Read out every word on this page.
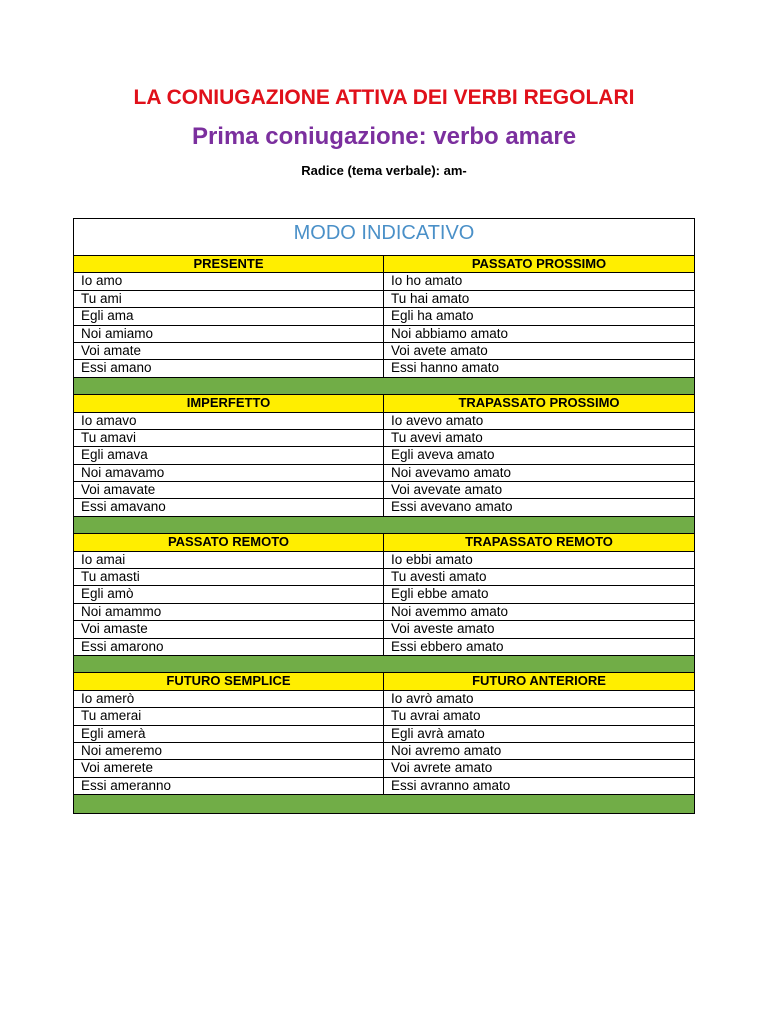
LA CONIUGAZIONE ATTIVA DEI VERBI REGOLARI
Prima coniugazione: verbo amare
Radice (tema verbale): am-
MODO INDICATIVO
PRESENTE	PASSATO PROSSIMO
Io amo	Io ho amato
Tu ami	Tu hai amato
Egli ama	Egli ha amato
Noi amiamo	Noi abbiamo amato
Voi amate	Voi avete amato
Essi amano	Essi hanno amato
IMPERFETTO	TRAPASSATO PROSSIMO
Io amavo	Io avevo amato
Tu amavi	Tu avevi amato
Egli amava	Egli aveva amato
Noi amavamo	Noi avevamo amato
Voi amavate	Voi avevate amato
Essi amavano	Essi avevano amato
PASSATO REMOTO	TRAPASSATO REMOTO
Io amai	Io ebbi amato
Tu amasti	Tu avesti amato
Egli amò	Egli ebbe amato
Noi amammo	Noi avemmo amato
Voi amaste	Voi aveste amato
Essi amarono	Essi ebbero amato
FUTURO SEMPLICE	FUTURO ANTERIORE
Io amerò	Io avrò amato
Tu amerai	Tu avrai amato
Egli amerà	Egli avrà amato
Noi ameremo	Noi avremo amato
Voi amerete	Voi avrete amato
Essi ameranno	Essi avranno amato
